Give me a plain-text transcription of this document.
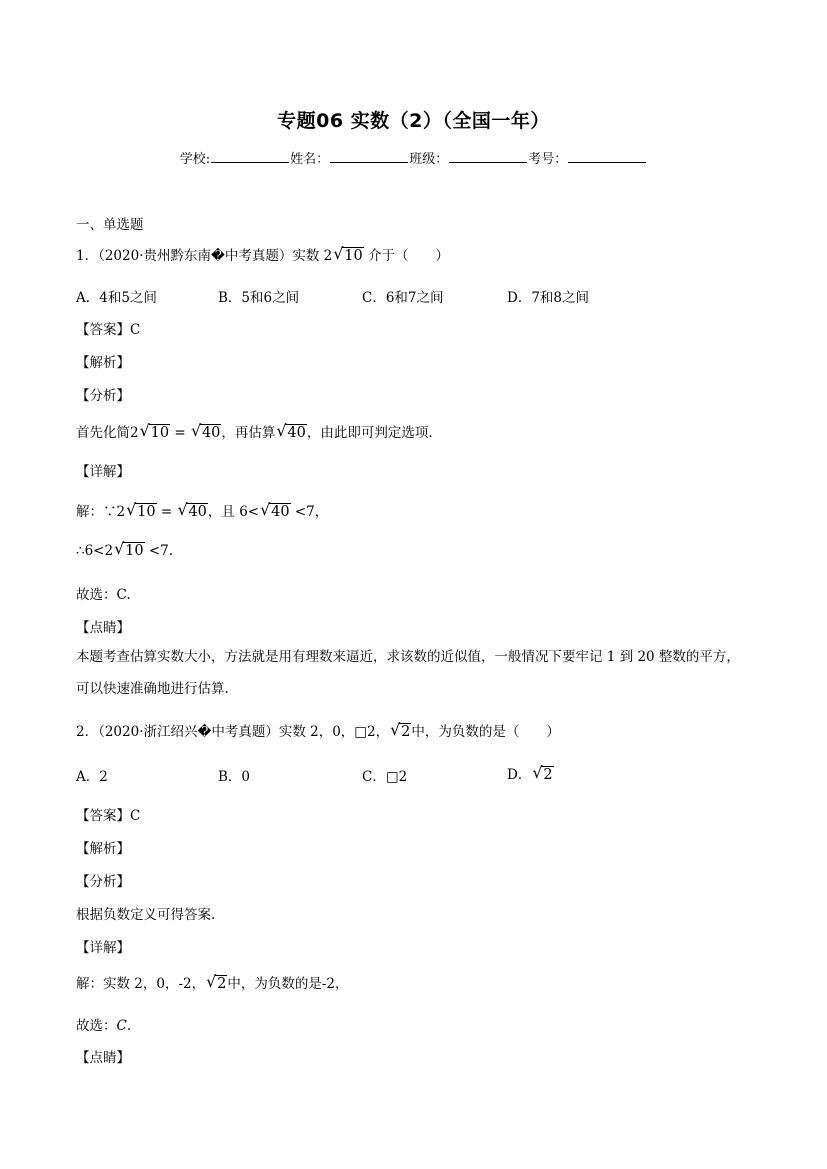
专题06 实数（2）（全国一年）
学校:	姓名：	班级：	考号：
一、单选题
1．（2020·贵州黔东南�中考真题）实数 2 √ 10 介于（　　）
A．4和5之间	B．5和6之间	C．6和7之间	D．7和8之间
【答案】C
【解析】
【分析】
首先化简2 √ 10 = √ 40，再估算 √ 40，由此即可判定选项.
【详解】
解：∵2 √ 10 = √ 40，且 6< √ 40 <7，
∴6<2 √ 10 <7.
故选：C.
【点睛】
本题考查估算实数大小，方法就是用有理数来逼近，求该数的近似值，一般情况下要牢记 1 到 20 整数的平方，可以快速准确地进行估算.
2．（2020·浙江绍兴�中考真题）实数 2，0，□2， √ 2中，为负数的是（　　）
A．2	B．0	C．□2	D． √ 2
【答案】C
【解析】
【分析】
根据负数定义可得答案.
【详解】
解：实数 2，0，-2， √ 2中，为负数的是-2，
故选：C.
【点睛】
